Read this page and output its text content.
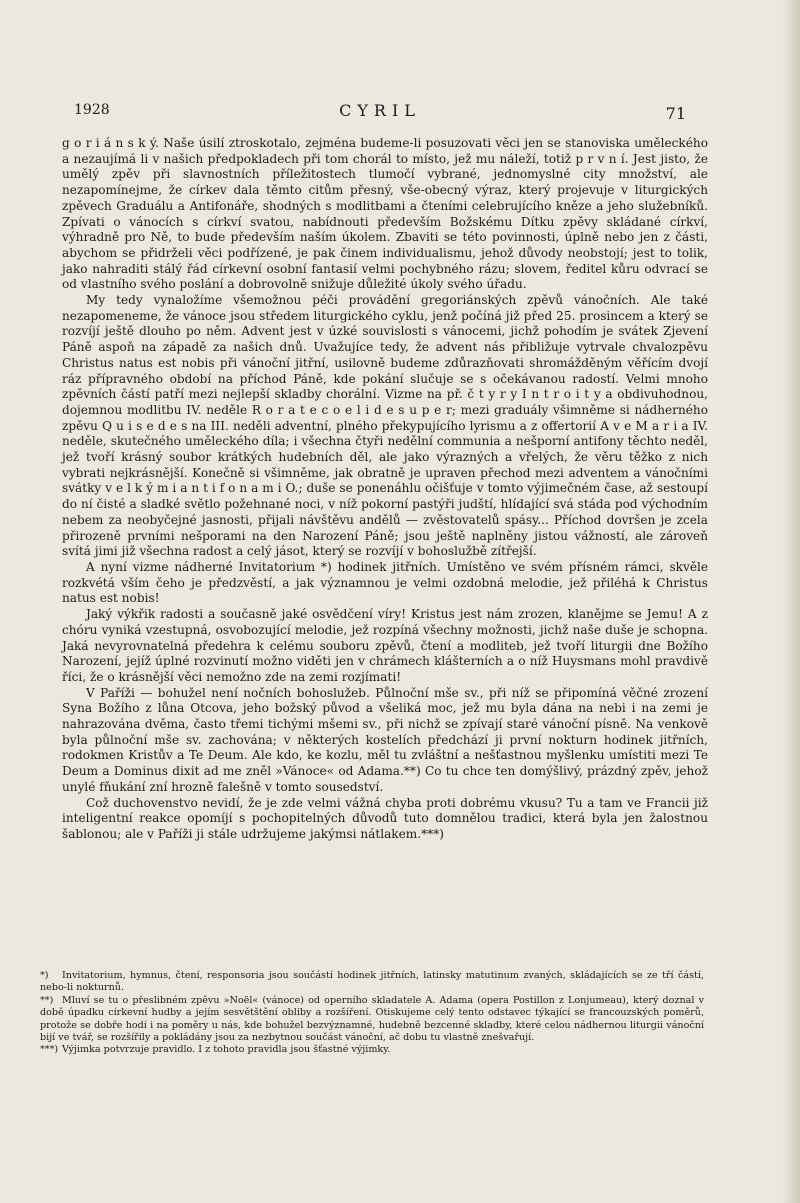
1928	CYRIL	71

g o r i á n s k ý. Naše úsilí ztroskotalo, zejména budeme-li posuzovati věci jen se stanoviska uměleckého a nezaujímá li v našich předpokladech při tom chorál to místo, jež mu náleží, totiž p r v n í. Jest jisto, že umělý zpěv při slavnostních příležitostech tlumočí vybrané, jednomyslné city množství, ale nezapomínejme, že církev dala těmto citům přesný, vše-obecný výraz, který projevuje v liturgických zpěvech Graduálu a Antifonáře, shodných s modlitbami a čteními celebrujícího kněze a jeho služebníků. Zpívati o vánocích s církví svatou, nabídnouti především Božskému Dítku zpěvy skládané církví, výhradně pro Ně, to bude především naším úkolem. Zbaviti se této povinnosti, úplně nebo jen z části, abychom se přidrželi věci podřízené, je pak činem individualismu, jehož důvody neobstojí; jest to tolik, jako nahraditi stálý řád církevní osobní fantasií velmi pochybného rázu; slovem, ředitel kůru odvrací se od vlastního svého poslání a dobrovolně snižuje důležité úkoly svého úřadu.

My tedy vynaložíme všemožnou péči provádění gregoriánských zpěvů vánočních. Ale také nezapomeneme, že vánoce jsou středem liturgického cyklu, jenž počíná již před 25. prosincem a který se rozvíjí ještě dlouho po něm. Advent jest v úzké souvislosti s vánocemi, jichž pohodím je svátek Zjevení Páně aspoň na západě za našich dnů. Uvažujíce tedy, že advent nás přibližuje vytrvale chvalozpěvu Christus natus est nobis při vánoční jitřní, usilovně budeme zdůrazňovati shromážděným věřícím dvojí ráz přípravného období na příchod Páně, kde pokání slučuje se s očekávanou radostí. Velmi mnoho zpěvních částí patří mezi nejlepší skladby chorální. Vizme na př. č t y r y I n t r o i t y a obdivuhodnou, dojemnou modlitbu IV. neděle R o r a t e c o e l i d e s u p e r; mezi graduály všimněme si nádherného zpěvu Q u i s e d e s na III. neděli adventní, plného překypujícího lyrismu a z offertorií A v e M a r i a IV. neděle, skutečného uměleckého díla; i všechna čtyři nedělní communia a nešporní antifony těchto neděl, jež tvoří krásný soubor krátkých hudebních děl, ale jako výrazných a vřelých, že věru těžko z nich vybrati nejkrásnější. Konečně si všimněme, jak obratně je upraven přechod mezi adventem a vánočními svátky v e l k ý m i a n t i f o n a m i O.; duše se ponenáhlu očišťuje v tomto výjimečném čase, až sestoupí do ní čisté a sladké světlo požehnané noci, v níž pokorní pastýři judští, hlídající svá stáda pod východním nebem za neobyčejné jasnosti, přijali návštěvu andělů — zvěstovatelů spásy... Příchod dovršen je zcela přirozeně prvními nešporami na den Narození Páně; jsou ještě naplněny jistou vážností, ale zároveň svítá jimi již všechna radost a celý jásot, který se rozvíjí v bohoslužbě zítřejší.

A nyní vizme nádherné Invitatorium *) hodinek jitřních. Umístěno ve svém přísném rámci, skvěle rozkvétá vším čeho je předzvěstí, a jak významnou je velmi ozdobná melodie, jež přiléhá k Christus natus est nobis!

Jaký výkřik radosti a současně jaké osvědčení víry! Kristus jest nám zrozen, klanějme se Jemu! A z chóru vyniká vzestupná, osvobozující melodie, jež rozpíná všechny možnosti, jichž naše duše je schopna. Jaká nevyrovnatelná předehra k celému souboru zpěvů, čtení a modliteb, jež tvoří liturgii dne Božího Narození, jejíž úplné rozvinutí možno viděti jen v chrámech klášterních a o níž Huysmans mohl pravdivě říci, že o krásnější věci nemožno zde na zemi rozjímati!

V Paříži — bohužel není nočních bohoslužeb. Půlnoční mše sv., při níž se připomíná věčné zrození Syna Božího z lůna Otcova, jeho božský původ a všeliká moc, jež mu byla dána na nebi i na zemi je nahrazována dvěma, často třemi tichými mšemi sv., při nichž se zpívají staré vánoční písně. Na venkově byla půlnoční mše sv. zachována; v některých kostelích předchází ji první nokturn hodinek jitřních, rodokmen Kristův a Te Deum. Ale kdo, ke kozlu, měl tu zvláštní a nešťastnou myšlenku umístiti mezi Te Deum a Dominus dixit ad me zněl »Vánoce« od Adama.**) Co tu chce ten domýšlivý, prázdný zpěv, jehož unylé fňukání zní hrozně falešně v tomto sousedství.

Což duchovenstvo nevidí, že je zde velmi vážná chyba proti dobrému vkusu? Tu a tam ve Francii již inteligentní reakce opomíjí s pochopitelných důvodů tuto domnělou tradici, která byla jen žalostnou šablonou; ale v Paříži ji stále udržujeme jakýmsi nátlakem.***)

*) Invitatorium, hymnus, čtení, responsoria jsou součástí hodinek jitřních, latinsky matutinum zvaných, skládajících se ze tří částí, nebo-li nokturnů.

**) Mluví se tu o přeslibném zpěvu »Noël« (vánoce) od operního skladatele A. Adama (opera Postillon z Lonjumeau), který doznal v době úpadku církevní hudby a jejím sesvětštění obliby a rozšíření. Otiskujeme celý tento odstavec týkající se francouzských poměrů, protože se dobře hodí i na poměry u nás, kde bohužel bezvýznamné, hudebně bezcenné skladby, které celou nádhernou liturgii vánoční bijí ve tvář, se rozšířily a pokládány jsou za nezbytnou součást vánoční, ač dobu tu vlastně znešvařují.

***) Výjimka potvrzuje pravidlo. I z tohoto pravidla jsou šťastné výjimky.
